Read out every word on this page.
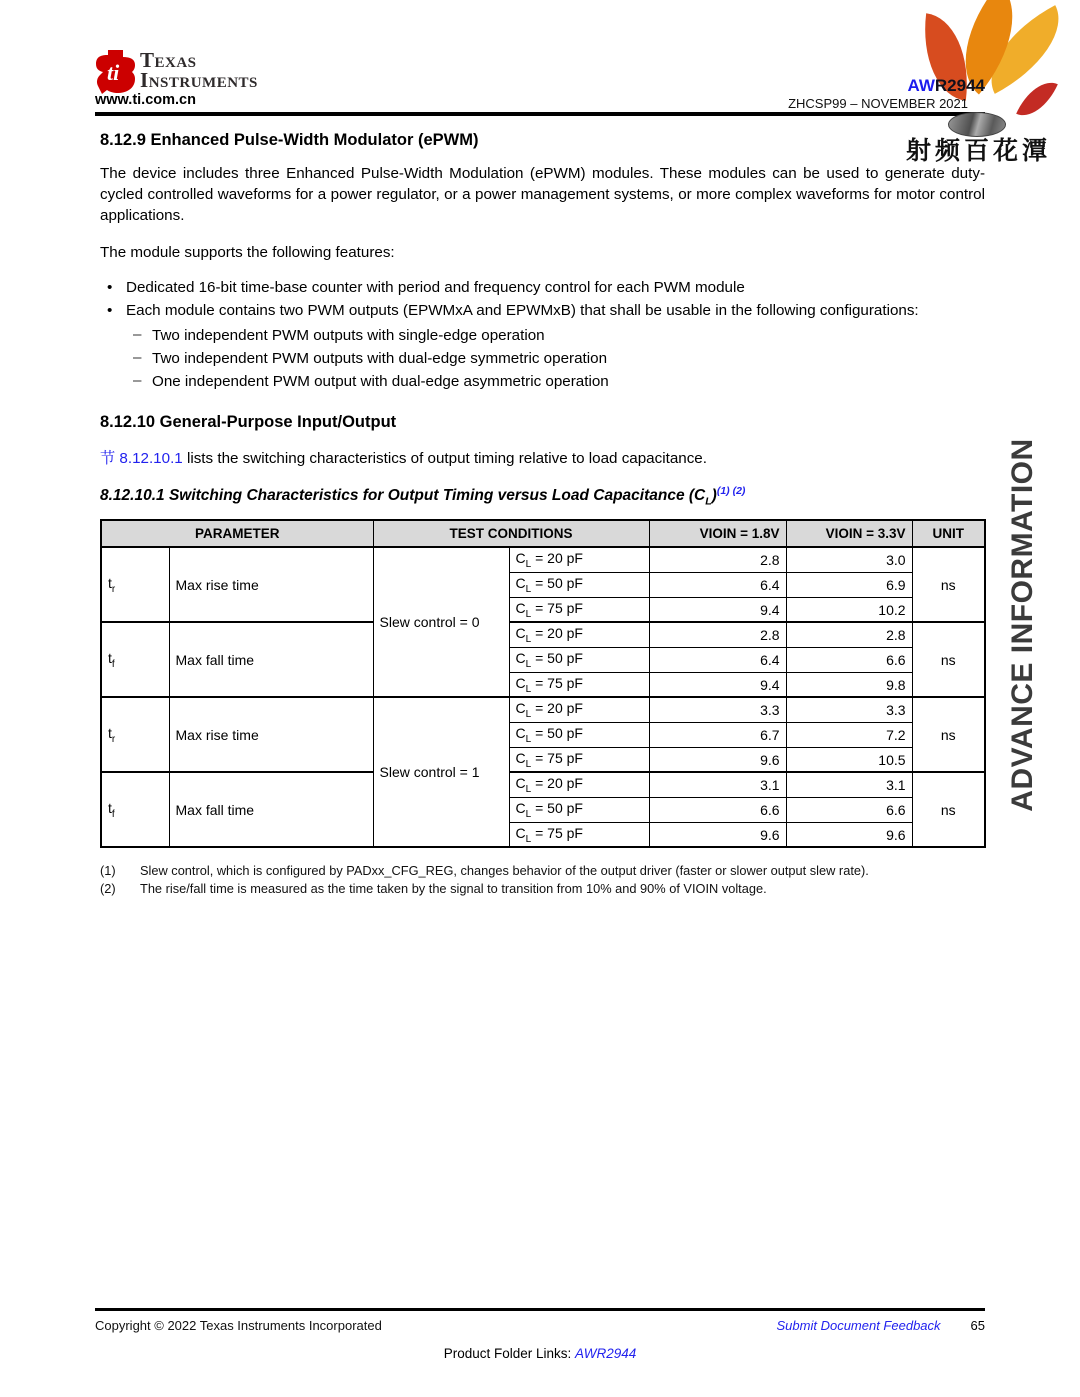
射频百花潭
ti TEXAS
INSTRUMENTS
www.ti.com.cn
AWR2944
ZHCSP99 – NOVEMBER 2021
ADVANCE INFORMATION
8.12.9 Enhanced Pulse-Width Modulator (ePWM)

The device includes three Enhanced Pulse-Width Modulation (ePWM) modules. These modules can be used to generate duty-cycled controlled waveforms for a power regulator, or a power management systems, or more complex waveforms for motor control applications.

The module supports the following features:

• Dedicated 16-bit time-base counter with period and frequency control for each PWM module
• Each module contains two PWM outputs (EPWMxA and EPWMxB) that shall be usable in the following configurations:
– Two independent PWM outputs with single-edge operation
– Two independent PWM outputs with dual-edge symmetric operation
– One independent PWM output with dual-edge asymmetric operation
8.12.10 General-Purpose Input/Output

节 8.12.10.1 lists the switching characteristics of output timing relative to load capacitance.

8.12.10.1 Switching Characteristics for Output Timing versus Load Capacitance $(C_L)^{(1) (2)}$
PARAMETER		TEST CONDITIONS		VIOIN = 1.8V	VIOIN = 3.3V	UNIT
$t_r$	Max rise time	Slew control = 0	$C_L = 20$ pF	2.8	3.0	ns
			$C_L = 50$ pF	6.4	6.9	
			$C_L = 75$ pF	9.4	10.2	
$t_f$	Max fall time		$C_L = 20$ pF	2.8	2.8	ns
			$C_L = 50$ pF	6.4	6.6	
			$C_L = 75$ pF	9.4	9.8	
$t_r$	Max rise time	Slew control = 1	$C_L = 20$ pF	3.3	3.3	ns
			$C_L = 50$ pF	6.7	7.2	
			$C_L = 75$ pF	9.6	10.5	
$t_f$	Max fall time		$C_L = 20$ pF	3.1	3.1	ns
			$C_L = 50$ pF	6.6	6.6	
			$C_L = 75$ pF	9.6	9.6	
(1)	Slew control, which is configured by PADxx_CFG_REG, changes behavior of the output driver (faster or slower output slew rate).
(2)	The rise/fall time is measured as the time taken by the signal to transition from 10% and 90% of VIOIN voltage.
Copyright © 2022 Texas Instruments Incorporated	Submit Document Feedback 65
Product Folder Links: AWR2944
